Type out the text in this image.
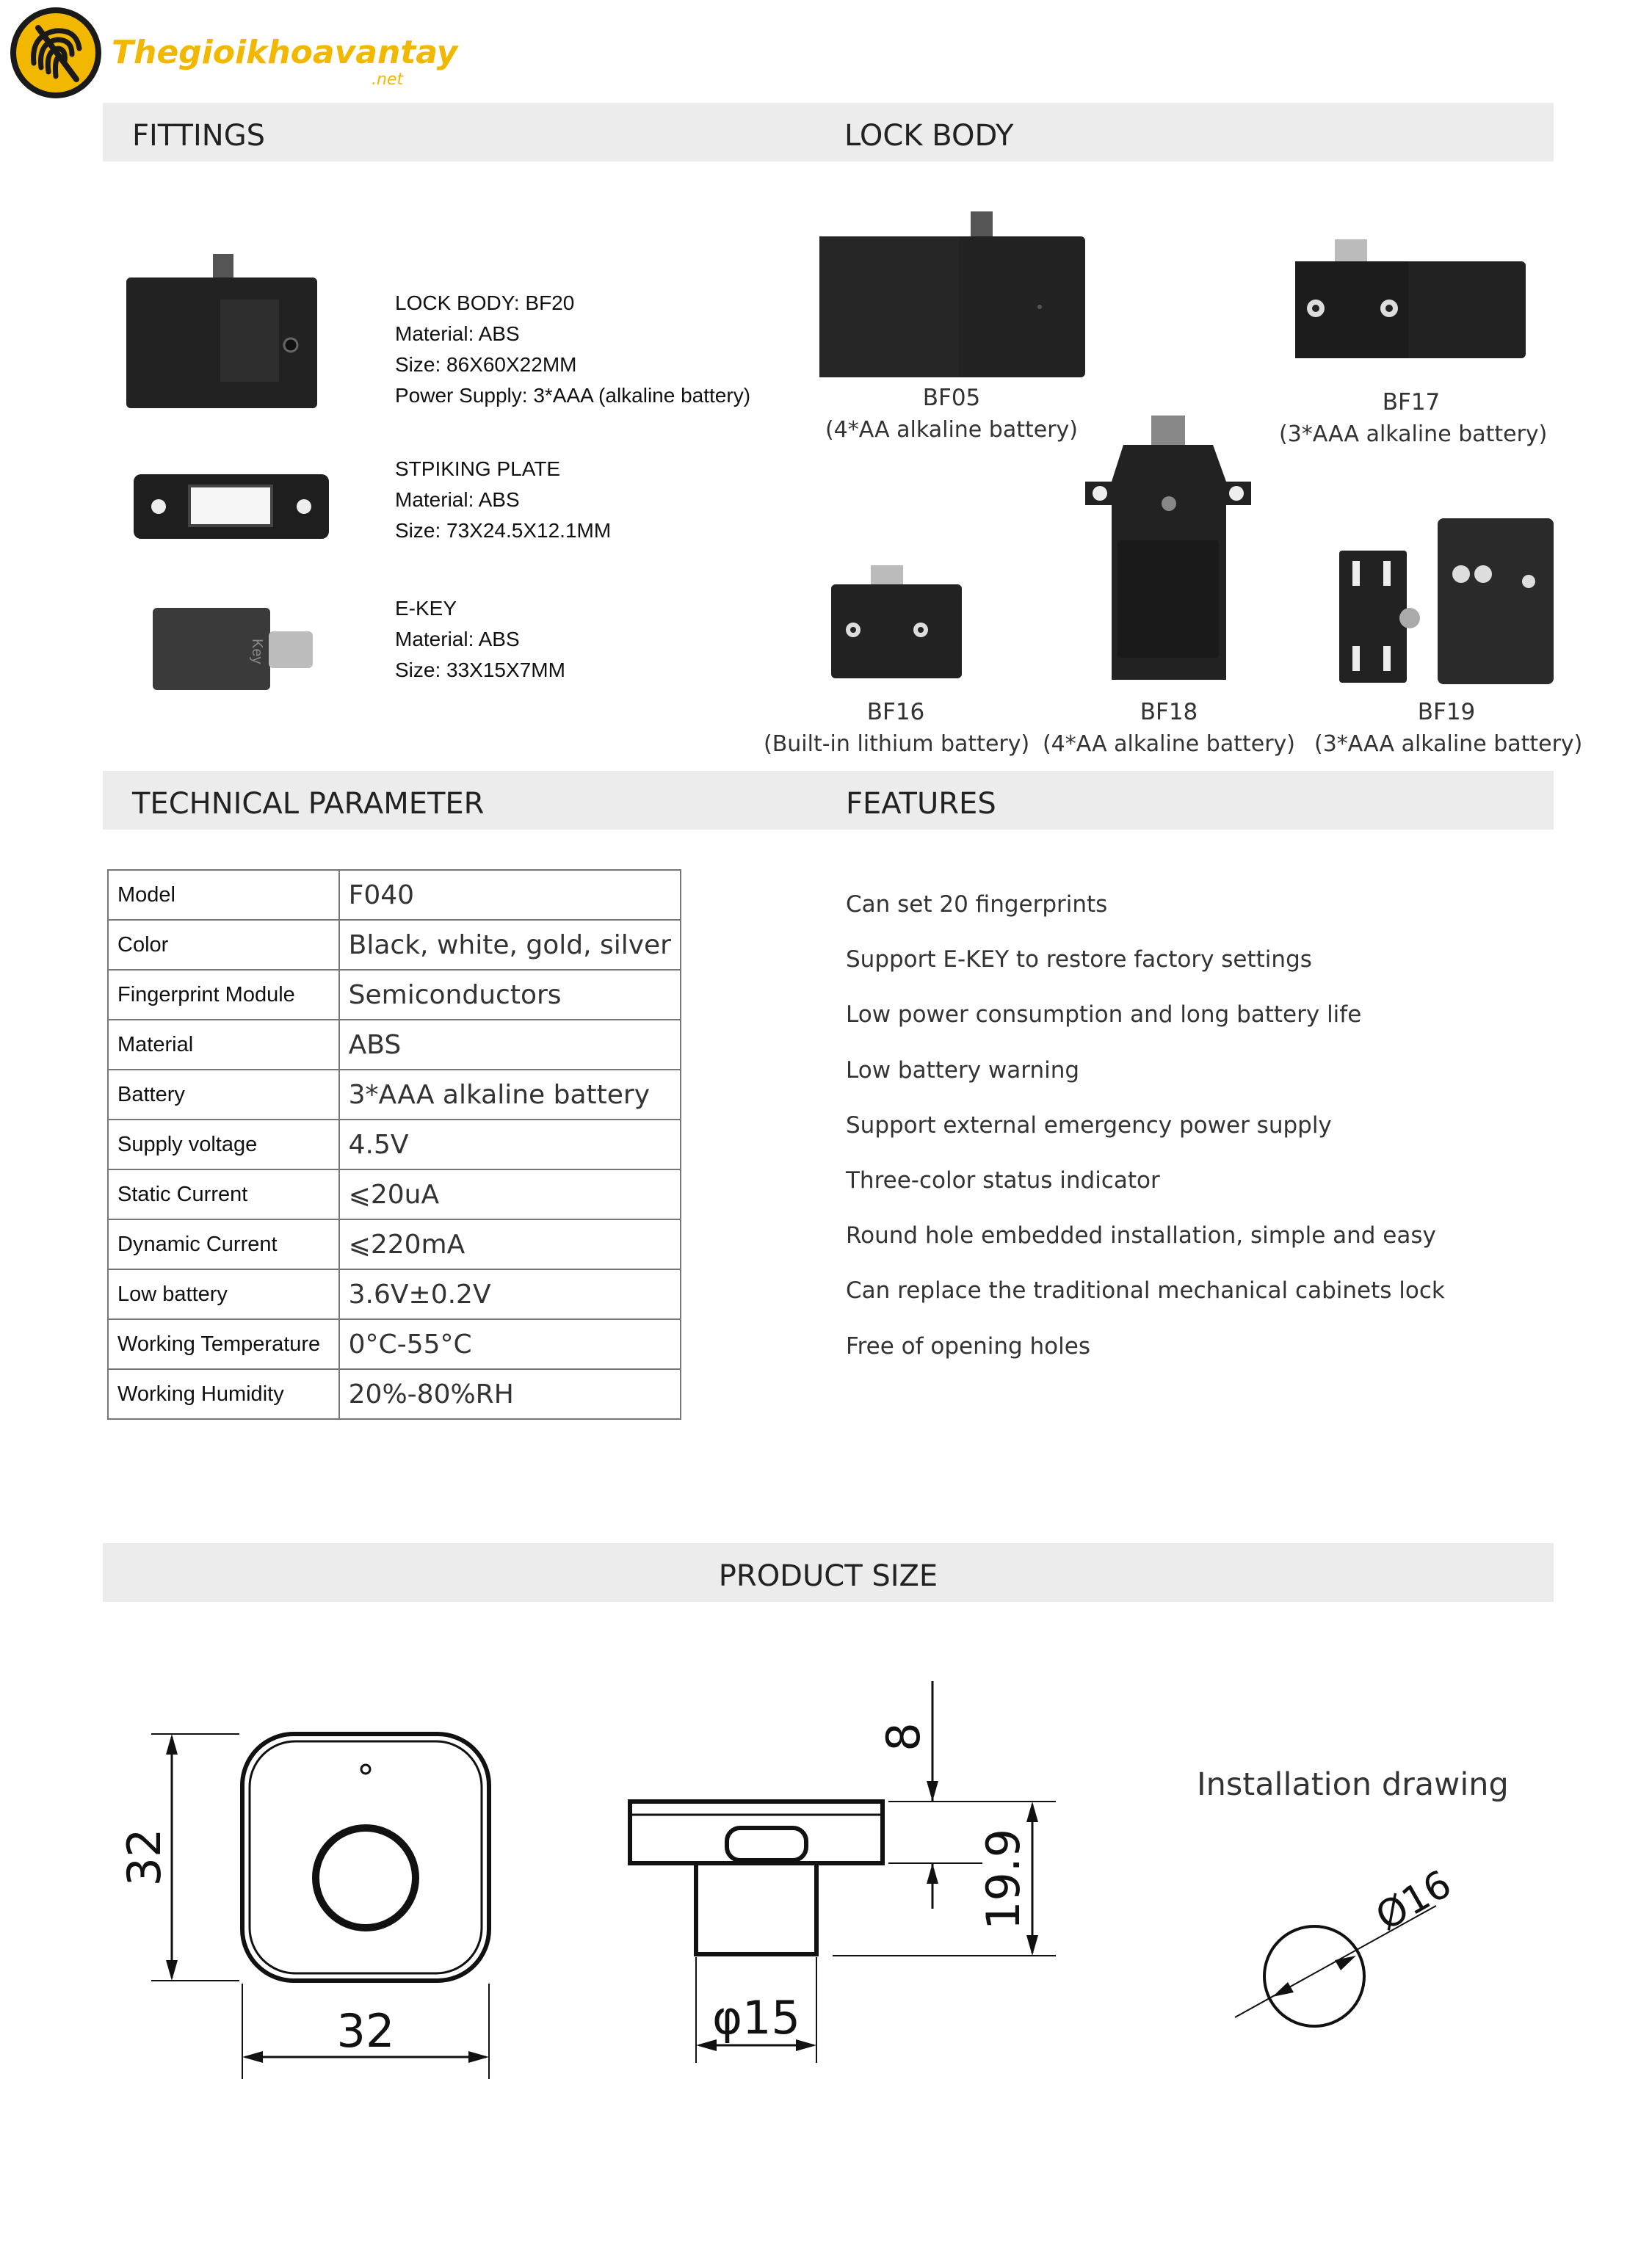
Thegioikhoavantay
.net
FITTINGS	LOCK BODY
LOCK BODY: BF20
Material: ABS
Size: 86X60X22MM
Power Supply: 3*AAA (alkaline battery)
STPIKING PLATE
Material: ABS
Size: 73X24.5X12.1MM
Key
E-KEY
Material: ABS
Size: 33X15X7MM
BF05
(4*AA alkaline battery)
BF17
(3*AAA alkaline battery)
BF16
(Built-in lithium battery)
BF18
(4*AA alkaline battery)
BF19
(3*AAA alkaline battery)
TECHNICAL PARAMETER	FEATURES
Model	F040
Color	Black, white, gold, silver
Fingerprint Module	Semiconductors
Material	ABS
Battery	3*AAA alkaline battery
Supply voltage	4.5V
Static Current	⩽20uA
Dynamic Current	⩽220mA
Low battery	3.6V±0.2V
Working Temperature	0°C-55°C
Working Humidity	20%-80%RH
Can set 20 fingerprints
Support E-KEY to restore factory settings
Low power consumption and long battery life
Low battery warning
Support external emergency power supply
Three-color status indicator
Round hole embedded installation, simple and easy
Can replace the traditional mechanical cabinets lock
Free of opening holes
PRODUCT SIZE
32
32
8
19.9
φ15
Installation drawing
Ø16
